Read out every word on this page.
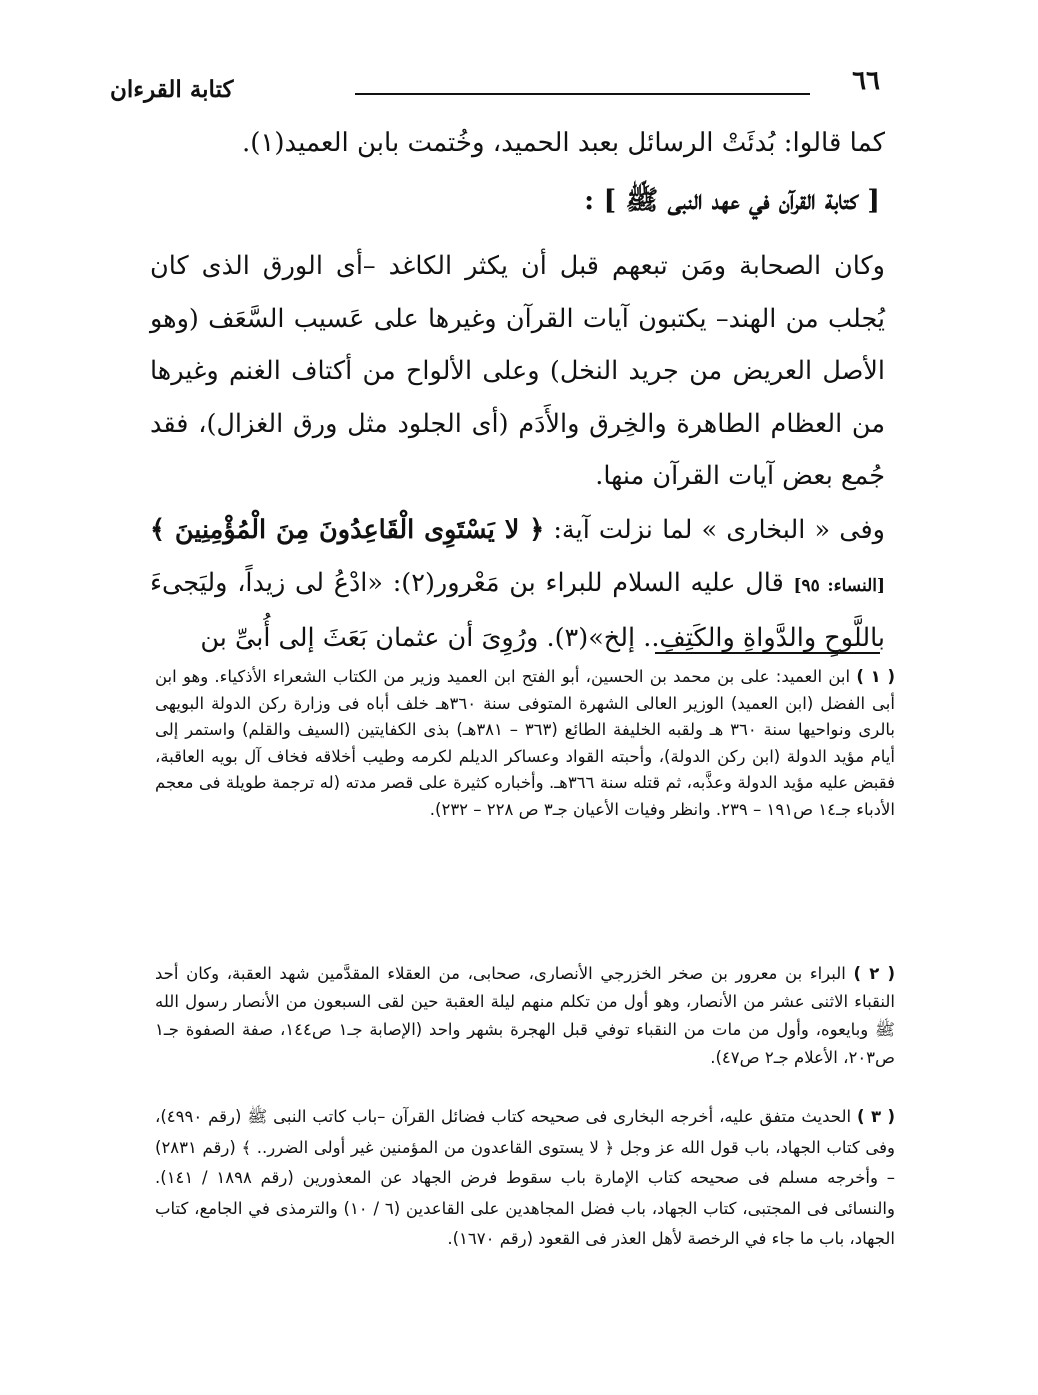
٦٦
كتابة القرءان
كما قالوا: بُدئَتْ الرسائل بعبد الحميد، وخُتمت بابن العميد(١).
[ كتابة القرآن في عهد النبى ﷺ ] :
وكان الصحابة ومَن تبعهم قبل أن يكثر الكاغد –أى الورق الذى كان يُجلب من الهند– يكتبون آيات القرآن وغيرها على عَسيب السَّعَف (وهو الأصل العريض من جريد النخل) وعلى الألواح من أكتاف الغنم وغيرها من العظام الطاهرة والخِرق والأَدَم (أى الجلود مثل ورق الغزال)، فقد جُمع بعض آيات القرآن منها.
وفى « البخارى » لما نزلت آية: ﴿ لا يَسْتَوِى الْقَاعِدُونَ مِنَ الْمُؤْمِنِينَ ﴾ [النساء: ٩٥] قال عليه السلام للبراء بن مَعْرور(٢): «ادْعُ لى زيداً، وليَجىءَ باللَّوحِ والدَّواةِ والكَتِفِ.. إلخ»(٣). ورُوِىَ أن عثمان بَعَثَ إلى أُبىِّ بن
( ١ ) ابن العميد: على بن محمد بن الحسين، أبو الفتح ابن العميد وزير من الكتاب الشعراء الأذكياء. وهو ابن أبى الفضل (ابن العميد) الوزير العالى الشهرة المتوفى سنة ٣٦٠هـ خلف أباه فى وزارة ركن الدولة البويهى بالرى ونواحيها سنة ٣٦٠ هـ ولقبه الخليفة الطائع (٣٦٣ – ٣٨١هـ) بذى الكفايتين (السيف والقلم) واستمر إلى أيام مؤيد الدولة (ابن ركن الدولة)، وأحبته القواد وعساكر الديلم لكرمه وطيب أخلاقه فخاف آل بويه العاقبة، فقبض عليه مؤيد الدولة وعذَّبه، ثم قتله سنة ٣٦٦هـ. وأخباره كثيرة على قصر مدته (له ترجمة طويلة فى معجم الأدباء جـ١٤ ص١٩١ – ٢٣٩. وانظر وفيات الأعيان جـ٣ ص ٢٢٨ – ٢٣٢).
( ٢ ) البراء بن معرور بن صخر الخزرجي الأنصارى، صحابى، من العقلاء المقدَّمين شهد العقبة، وكان أحد النقباء الاثنى عشر من الأنصار، وهو أول من تكلم منهم ليلة العقبة حين لقى السبعون من الأنصار رسول الله ﷺ وبايعوه، وأول من مات من النقباء توفي قبل الهجرة بشهر واحد (الإصابة جـ١ ص١٤٤، صفة الصفوة جـ١ ص٢٠٣، الأعلام جـ٢ ص٤٧).
( ٣ ) الحديث متفق عليه، أخرجه البخارى فى صحيحه كتاب فضائل القرآن –باب كاتب النبى ﷺ (رقم ٤٩٩٠)، وفى كتاب الجهاد، باب قول الله عز وجل ﴿ لا يستوى القاعدون من المؤمنين غير أولى الضرر.. ﴾ (رقم ٢٨٣١) – وأخرجه مسلم فى صحيحه كتاب الإمارة باب سقوط فرض الجهاد عن المعذورين (رقم ١٨٩٨ / ١٤١). والنسائى فى المجتبى، كتاب الجهاد، باب فضل المجاهدين على القاعدين (٦ / ١٠) والترمذى في الجامع، كتاب الجهاد، باب ما جاء في الرخصة لأهل العذر فى القعود (رقم ١٦٧٠).
